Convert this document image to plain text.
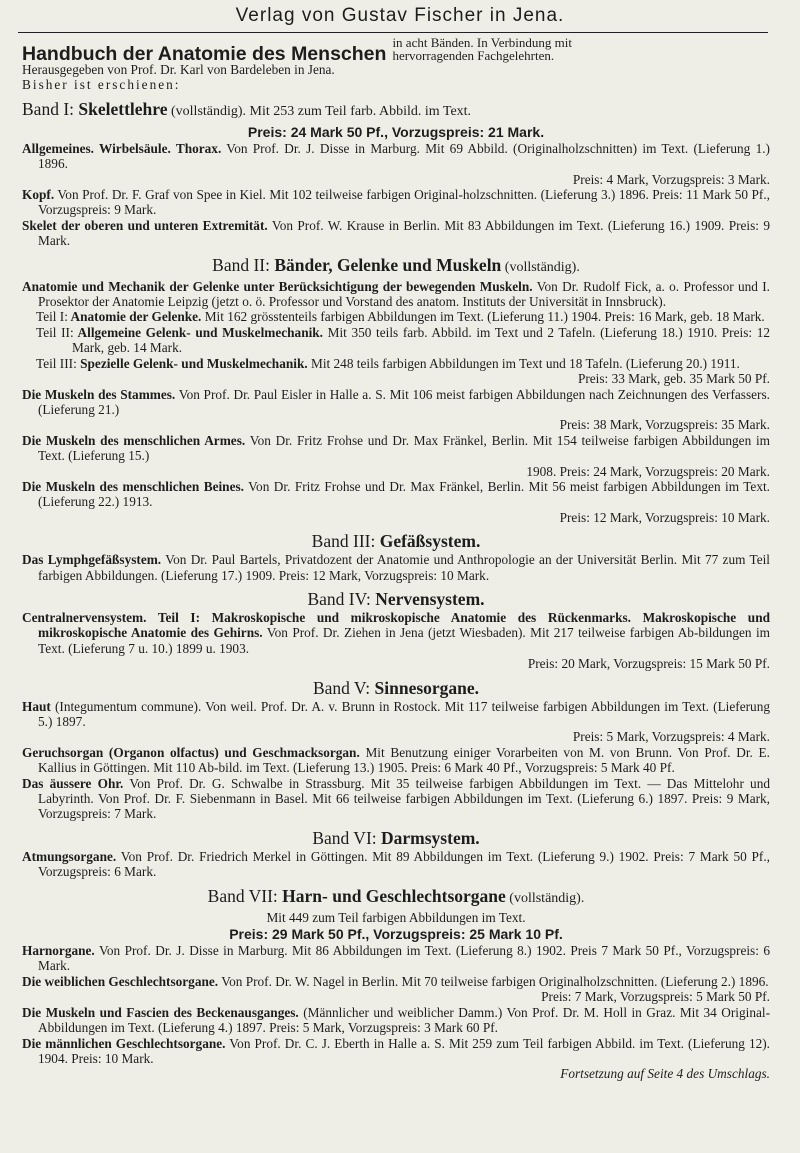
Verlag von Gustav Fischer in Jena.
Handbuch der Anatomie des Menschen
in acht Bänden. In Verbindung mit
hervorragenden Fachgelehrten.

Herausgegeben von Prof. Dr. Karl von Bardeleben in Jena.

Bisher ist erschienen:

Band I: Skelettlehre (vollständig). Mit 253 zum Teil farb. Abbild. im Text.

Preis: 24 Mark 50 Pf., Vorzugspreis: 21 Mark.

Allgemeines. Wirbelsäule. Thorax. Von Prof. Dr. J. Disse in Marburg. Mit 69 Abbild. (Originalholzschnitten) im Text. (Lieferung 1.) 1896.

Preis: 4 Mark, Vorzugspreis: 3 Mark.

Kopf. Von Prof. Dr. F. Graf von Spee in Kiel. Mit 102 teilweise farbigen Original-holzschnitten. (Lieferung 3.) 1896. Preis: 11 Mark 50 Pf., Vorzugspreis: 9 Mark.

Skelet der oberen und unteren Extremität. Von Prof. W. Krause in Berlin. Mit 83 Abbildungen im Text. (Lieferung 16.) 1909. Preis: 9 Mark.

Band II: Bänder, Gelenke und Muskeln (vollständig).

Anatomie und Mechanik der Gelenke unter Berücksichtigung der bewegenden Muskeln. Von Dr. Rudolf Fick, a. o. Professor und I. Prosektor der Anatomie Leipzig (jetzt o. ö. Professor und Vorstand des anatom. Instituts der Universität in Innsbruck).

Teil I: Anatomie der Gelenke. Mit 162 grösstenteils farbigen Abbildungen im Text. (Lieferung 11.) 1904. Preis: 16 Mark, geb. 18 Mark.

Teil II: Allgemeine Gelenk- und Muskelmechanik. Mit 350 teils farb. Abbild. im Text und 2 Tafeln. (Lieferung 18.) 1910. Preis: 12 Mark, geb. 14 Mark.

Teil III: Spezielle Gelenk- und Muskelmechanik. Mit 248 teils farbigen Abbildungen im Text und 18 Tafeln. (Lieferung 20.) 1911.

Preis: 33 Mark, geb. 35 Mark 50 Pf.

Die Muskeln des Stammes. Von Prof. Dr. Paul Eisler in Halle a. S. Mit 106 meist farbigen Abbildungen nach Zeichnungen des Verfassers. (Lieferung 21.)

Preis: 38 Mark, Vorzugspreis: 35 Mark.

Die Muskeln des menschlichen Armes. Von Dr. Fritz Frohse und Dr. Max Fränkel, Berlin. Mit 154 teilweise farbigen Abbildungen im Text. (Lieferung 15.)

1908. Preis: 24 Mark, Vorzugspreis: 20 Mark.

Die Muskeln des menschlichen Beines. Von Dr. Fritz Frohse und Dr. Max Fränkel, Berlin. Mit 56 meist farbigen Abbildungen im Text. (Lieferung 22.) 1913.

Preis: 12 Mark, Vorzugspreis: 10 Mark.

Band III: Gefäßsystem.

Das Lymphgefäßsystem. Von Dr. Paul Bartels, Privatdozent der Anatomie und Anthropologie an der Universität Berlin. Mit 77 zum Teil farbigen Abbildungen. (Lieferung 17.) 1909. Preis: 12 Mark, Vorzugspreis: 10 Mark.

Band IV: Nervensystem.

Centralnervensystem. Teil I: Makroskopische und mikroskopische Anatomie des Rückenmarks. Makroskopische und mikroskopische Anatomie des Gehirns. Von Prof. Dr. Ziehen in Jena (jetzt Wiesbaden). Mit 217 teilweise farbigen Ab-bildungen im Text. (Lieferung 7 u. 10.) 1899 u. 1903.

Preis: 20 Mark, Vorzugspreis: 15 Mark 50 Pf.

Band V: Sinnesorgane.

Haut (Integumentum commune). Von weil. Prof. Dr. A. v. Brunn in Rostock. Mit 117 teilweise farbigen Abbildungen im Text. (Lieferung 5.) 1897.

Preis: 5 Mark, Vorzugspreis: 4 Mark.

Geruchsorgan (Organon olfactus) und Geschmacksorgan. Mit Benutzung einiger Vorarbeiten von M. von Brunn. Von Prof. Dr. E. Kallius in Göttingen. Mit 110 Ab-bild. im Text. (Lieferung 13.) 1905. Preis: 6 Mark 40 Pf., Vorzugspreis: 5 Mark 40 Pf.

Das äussere Ohr. Von Prof. Dr. G. Schwalbe in Strassburg. Mit 35 teilweise farbigen Abbildungen im Text. — Das Mittelohr und Labyrinth. Von Prof. Dr. F. Siebenmann in Basel. Mit 66 teilweise farbigen Abbildungen im Text. (Lieferung 6.) 1897. Preis: 9 Mark, Vorzugspreis: 7 Mark.

Band VI: Darmsystem.

Atmungsorgane. Von Prof. Dr. Friedrich Merkel in Göttingen. Mit 89 Abbildungen im Text. (Lieferung 9.) 1902. Preis: 7 Mark 50 Pf., Vorzugspreis: 6 Mark.

Band VII: Harn- und Geschlechtsorgane (vollständig).

Mit 449 zum Teil farbigen Abbildungen im Text.

Preis: 29 Mark 50 Pf., Vorzugspreis: 25 Mark 10 Pf.

Harnorgane. Von Prof. Dr. J. Disse in Marburg. Mit 86 Abbildungen im Text. (Lieferung 8.) 1902. Preis 7 Mark 50 Pf., Vorzugspreis: 6 Mark.

Die weiblichen Geschlechtsorgane. Von Prof. Dr. W. Nagel in Berlin. Mit 70 teilweise farbigen Originalholzschnitten. (Lieferung 2.) 1896.

Preis: 7 Mark, Vorzugspreis: 5 Mark 50 Pf.

Die Muskeln und Fascien des Beckenausganges. (Männlicher und weiblicher Damm.) Von Prof. Dr. M. Holl in Graz. Mit 34 Original-Abbildungen im Text. (Lieferung 4.) 1897. Preis: 5 Mark, Vorzugspreis: 3 Mark 60 Pf.

Die männlichen Geschlechtsorgane. Von Prof. Dr. C. J. Eberth in Halle a. S. Mit 259 zum Teil farbigen Abbild. im Text. (Lieferung 12). 1904. Preis: 10 Mark.

Fortsetzung auf Seite 4 des Umschlags.
